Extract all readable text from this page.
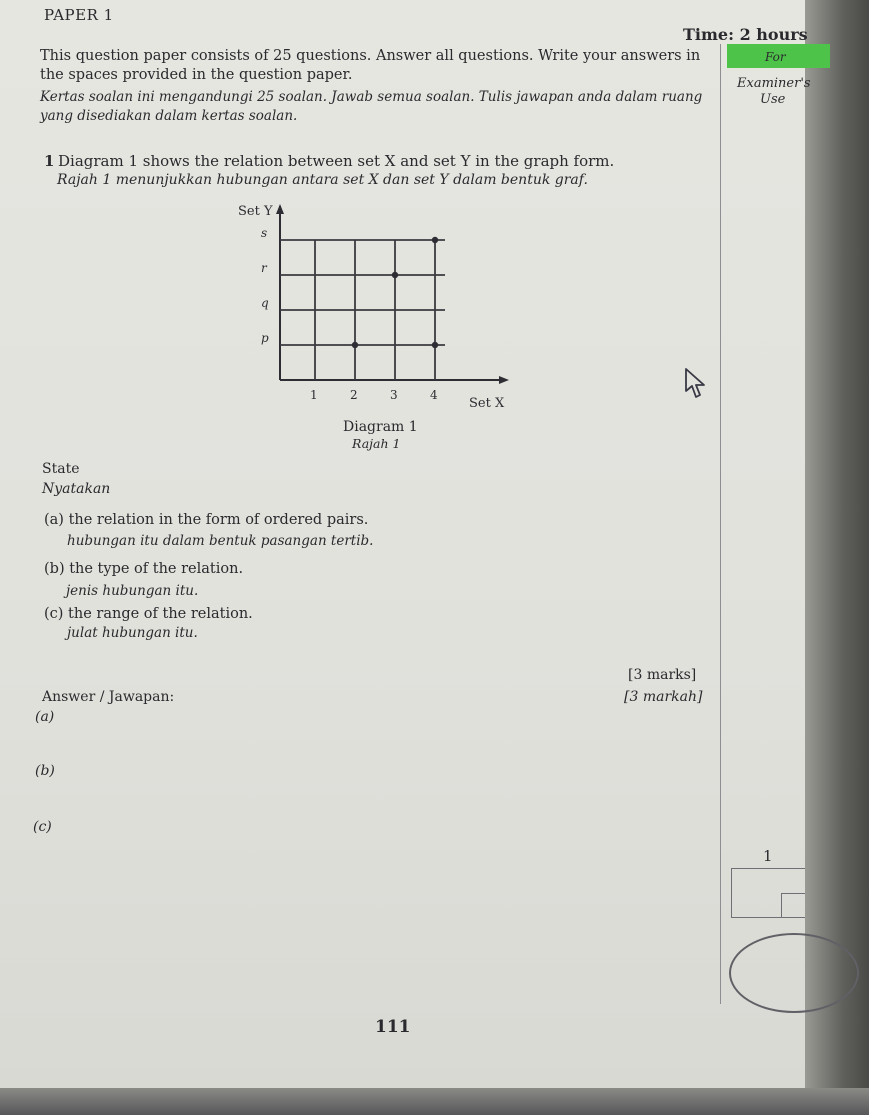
PAPER 1
Time: 2 hours
This question paper consists of 25 questions. Answer all questions. Write your answers in
the spaces provided in the question paper.
Kertas soalan ini mengandungi 25 soalan. Jawab semua soalan. Tulis jawapan anda dalam ruang
yang disediakan dalam kertas soalan.
For
Examiner's
Use
1 Diagram 1 shows the relation between set X and set Y in the graph form.
Rajah 1 menunjukkan hubungan antara set X dan set Y dalam bentuk graf.
s
r
q
p
1	2	3	4
Set Y
Set X
Diagram 1
Rajah 1
State
Nyatakan
(a) the relation in the form of ordered pairs.
hubungan itu dalam bentuk pasangan tertib.
(b) the type of the relation.
jenis hubungan itu.
(c) the range of the relation.
julat hubungan itu.
[3 marks]
[3 markah]
Answer / Jawapan:
(a)
(b)
(c)
1
111
